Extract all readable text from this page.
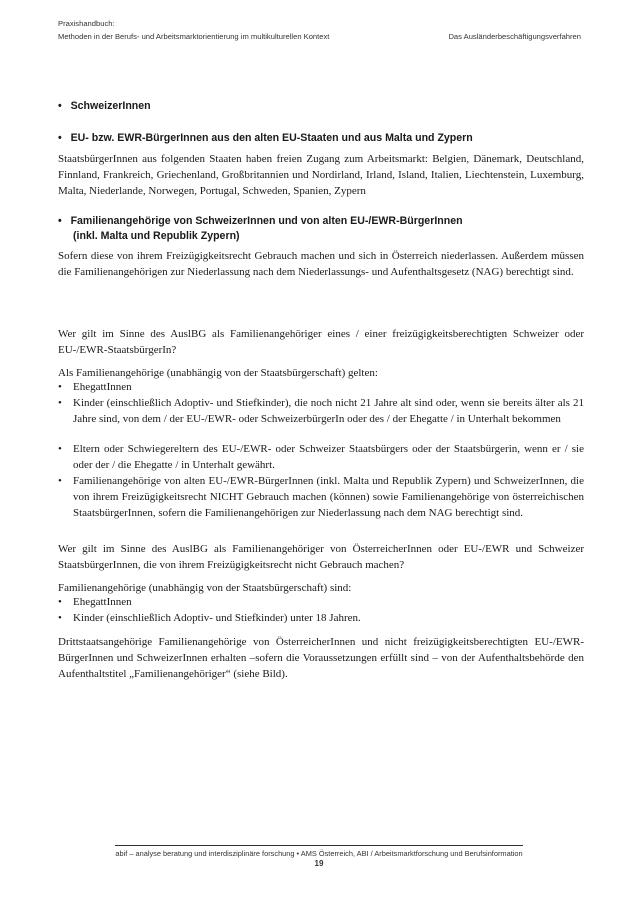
Praxishandbuch:
Methoden in der Berufs- und Arbeitsmarktorientierung im multikulturellen Kontext	Das Ausländerbeschäftigungsverfahren
• SchweizerInnen
• EU- bzw. EWR-BürgerInnen aus den alten EU-Staaten und aus Malta und Zypern
StaatsbürgerInnen aus folgenden Staaten haben freien Zugang zum Arbeitsmarkt: Belgien, Dänemark, Deutschland, Finnland, Frankreich, Griechenland, Großbritannien und Nordirland, Irland, Island, Italien, Liechtenstein, Luxemburg, Malta, Niederlande, Norwegen, Portugal, Schweden, Spanien, Zypern
• Familienangehörige von SchweizerInnen und von alten EU-/EWR-BürgerInnen
(inkl. Malta und Republik Zypern)
Sofern diese von ihrem Freizügigkeitsrecht Gebrauch machen und sich in Österreich niederlassen. Außerdem müssen die Familienangehörigen zur Niederlassung nach dem Niederlassungs- und Aufenthaltsgesetz (NAG) berechtigt sind.
Wer gilt im Sinne des AuslBG als Familienangehöriger eines / einer freizügigkeitsberechtigten Schweizer oder EU-/EWR-StaatsbürgerIn?
Als Familienangehörige (unabhängig von der Staatsbürgerschaft) gelten:
•	EhegattInnen
•	Kinder (einschließlich Adoptiv- und Stiefkinder), die noch nicht 21 Jahre alt sind oder, wenn sie bereits älter als 21 Jahre sind, von dem / der EU-/EWR- oder SchweizerbürgerIn oder des / der Ehegatte / in Unterhalt bekommen
•	Eltern oder Schwiegereltern des EU-/EWR- oder Schweizer Staatsbürgers oder der Staatsbürgerin, wenn er / sie oder der / die Ehegatte / in Unterhalt gewährt.
•	Familienangehörige von alten EU-/EWR-BürgerInnen (inkl. Malta und Republik Zypern) und SchweizerInnen, die von ihrem Freizügigkeitsrecht NICHT Gebrauch machen (können) sowie Familienangehörige von österreichischen StaatsbürgerInnen, sofern die Familienangehörigen zur Niederlassung nach dem NAG berechtigt sind.
Wer gilt im Sinne des AuslBG als Familienangehöriger von ÖsterreicherInnen oder EU-/EWR und Schweizer StaatsbürgerInnen, die von ihrem Freizügigkeitsrecht nicht Gebrauch machen?
Familienangehörige (unabhängig von der Staatsbürgerschaft) sind:
•	EhegattInnen
•	Kinder (einschließlich Adoptiv- und Stiefkinder) unter 18 Jahren.
Drittstaatsangehörige Familienangehörige von ÖsterreicherInnen und nicht freizügigkeitsberechtigten EU-/EWR-BürgerInnen und SchweizerInnen erhalten –sofern die Voraussetzungen erfüllt sind – von der Aufenthaltsbehörde den Aufenthaltstitel „Familienangehöriger“ (siehe Bild).
abif – analyse beratung und interdisziplinäre forschung • AMS Österreich, ABI / Arbeitsmarktforschung und Berufsinformation
19
